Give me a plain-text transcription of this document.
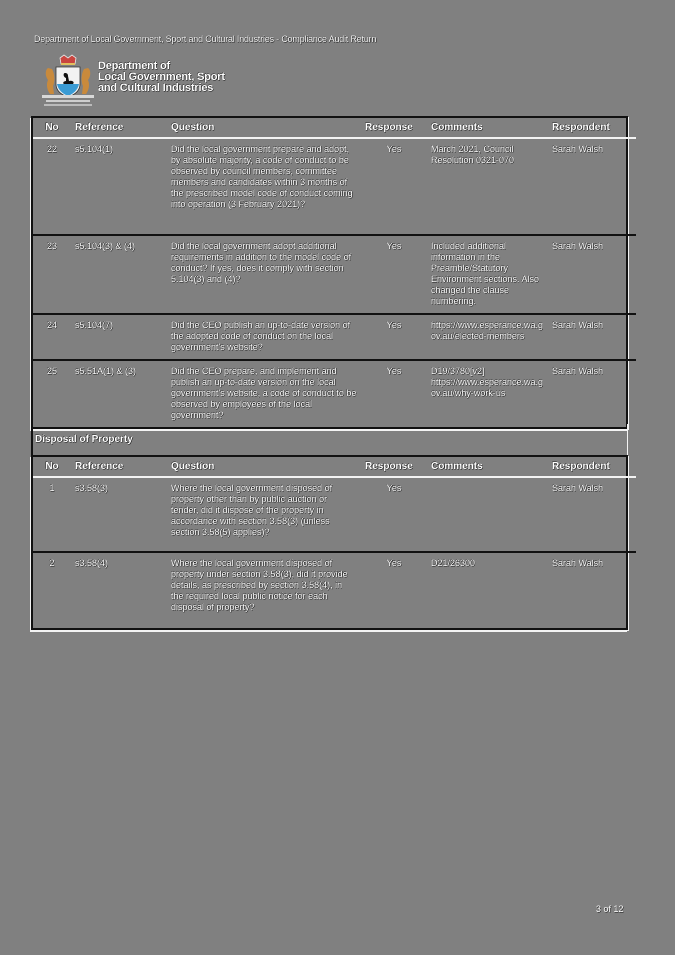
Department of Local Government, Sport and Cultural Industries - Compliance Audit Return
Department of
Local Government, Sport
and Cultural Industries
No	Reference	Question	Response	Comments	Respondent
22	s5.104(1)	Did the local government prepare and adopt, by absolute majority, a code of conduct to be observed by council members, committee members and candidates within 3 months of the prescribed model code of conduct coming into operation (3 February 2021)?	Yes	March 2021, Council Resolution 0321-070	Sarah Walsh
23	s5.104(3) & (4)	Did the local government adopt additional requirements in addition to the model code of conduct? If yes, does it comply with section 5.104(3) and (4)?	Yes	Included additional information in the Preamble/Statutory Environment sections. Also changed the clause numbering.	Sarah Walsh
24	s5.104(7)	Did the CEO publish an up-to-date version of the adopted code of conduct on the local government's website?	Yes	https://www.esperance.wa.gov.au/elected-members	Sarah Walsh
25	s5.51A(1) & (3)	Did the CEO prepare, and implement and publish an up-to-date version on the local government's website, a code of conduct to be observed by employees of the local government?	Yes	D19/3780[v2] https://www.esperance.wa.gov.au/why-work-us	Sarah Walsh
Disposal of Property
No	Reference	Question	Response	Comments	Respondent
1	s3.58(3)	Where the local government disposed of property other than by public auction or tender, did it dispose of the property in accordance with section 3.58(3) (unless section 3.58(5) applies)?	Yes		Sarah Walsh
2	s3.58(4)	Where the local government disposed of property under section 3.58(3), did it provide details, as prescribed by section 3.58(4), in the required local public notice for each disposal of property?	Yes	D21/26300	Sarah Walsh
3 of 12
